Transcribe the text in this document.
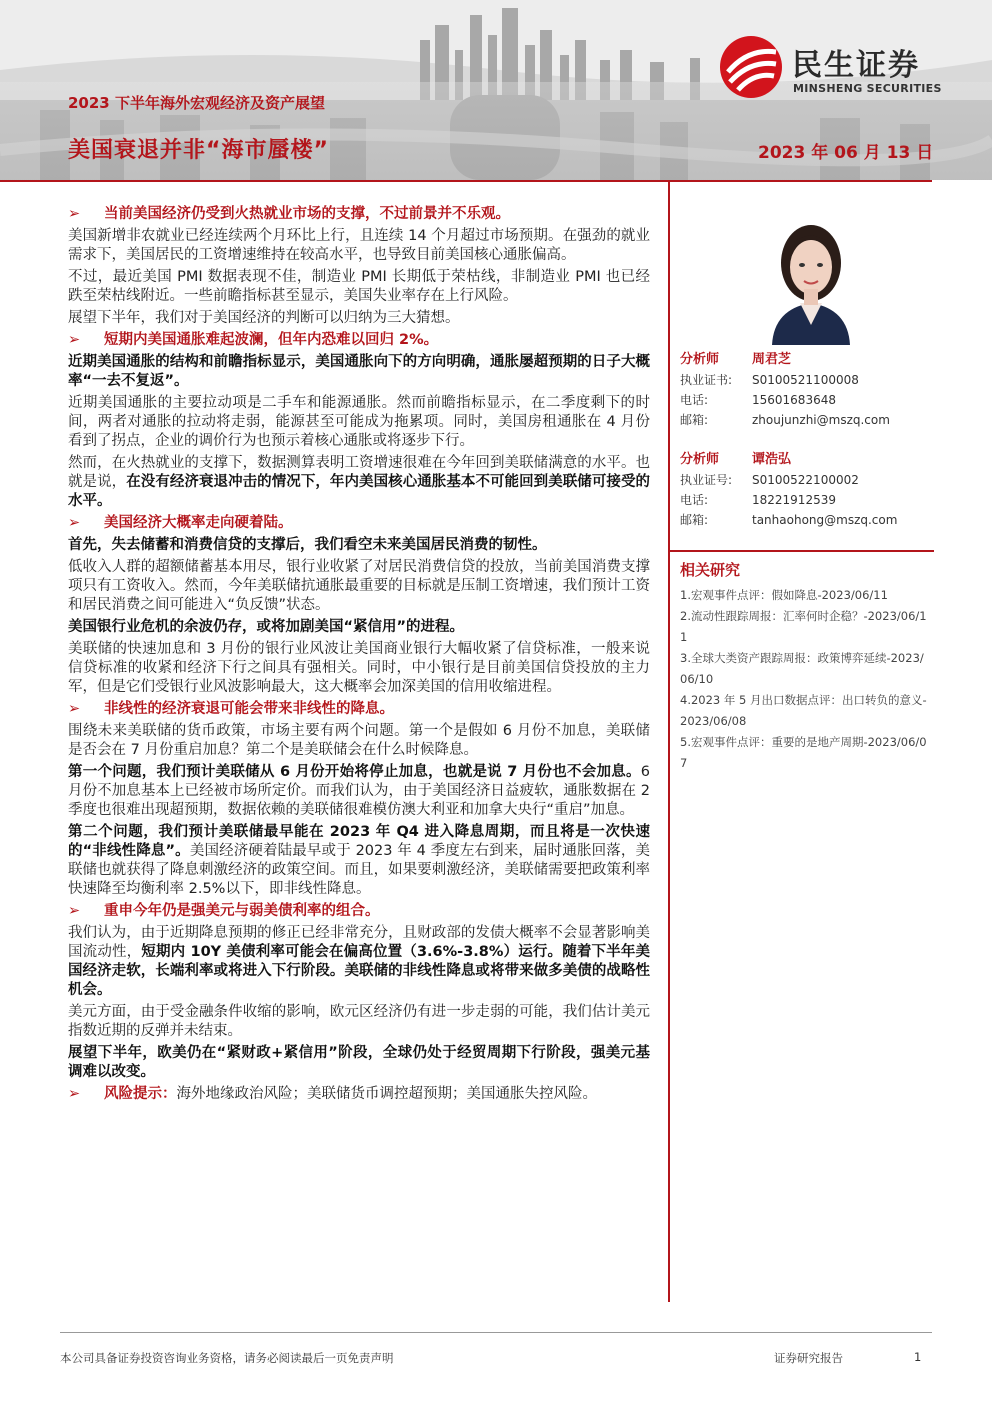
民生证券
MINSHENG SECURITIES
2023 下半年海外宏观经济及资产展望
美国衰退并非“海市蜃楼”	2023 年 06 月 13 日
➢ 当前美国经济仍受到火热就业市场的支撑，不过前景并不乐观。

美国新增非农就业已经连续两个月环比上行，且连续 14 个月超过市场预期。在强劲的就业需求下，美国居民的工资增速维持在较高水平，也导致目前美国核心通胀偏高。

不过，最近美国 PMI 数据表现不佳，制造业 PMI 长期低于荣枯线，非制造业 PMI 也已经跌至荣枯线附近。一些前瞻指标甚至显示，美国失业率存在上行风险。

展望下半年，我们对于美国经济的判断可以归纳为三大猜想。

➢ 短期内美国通胀难起波澜，但年内恐难以回归 2%。

近期美国通胀的结构和前瞻指标显示，美国通胀向下的方向明确，通胀屡超预期的日子大概率“一去不复返”。

近期美国通胀的主要拉动项是二手车和能源通胀。然而前瞻指标显示，在二季度剩下的时间，两者对通胀的拉动将走弱，能源甚至可能成为拖累项。同时，美国房租通胀在 4 月份看到了拐点，企业的调价行为也预示着核心通胀或将逐步下行。

然而，在火热就业的支撑下，数据测算表明工资增速很难在今年回到美联储满意的水平。也就是说，在没有经济衰退冲击的情况下，年内美国核心通胀基本不可能回到美联储可接受的水平。

➢ 美国经济大概率走向硬着陆。

首先，失去储蓄和消费信贷的支撑后，我们看空未来美国居民消费的韧性。

低收入人群的超额储蓄基本用尽，银行业收紧了对居民消费信贷的投放，当前美国消费支撑项只有工资收入。然而，今年美联储抗通胀最重要的目标就是压制工资增速，我们预计工资和居民消费之间可能进入“负反馈”状态。

美国银行业危机的余波仍存，或将加剧美国“紧信用”的进程。

美联储的快速加息和 3 月份的银行业风波让美国商业银行大幅收紧了信贷标准，一般来说信贷标准的收紧和经济下行之间具有强相关。同时，中小银行是目前美国信贷投放的主力军，但是它们受银行业风波影响最大，这大概率会加深美国的信用收缩进程。

➢ 非线性的经济衰退可能会带来非线性的降息。

围绕未来美联储的货币政策，市场主要有两个问题。第一个是假如 6 月份不加息，美联储是否会在 7 月份重启加息？第二个是美联储会在什么时候降息。

第一个问题，我们预计美联储从 6 月份开始将停止加息，也就是说 7 月份也不会加息。6 月份不加息基本上已经被市场所定价。而我们认为，由于美国经济日益疲软，通胀数据在 2 季度也很难出现超预期，数据依赖的美联储很难模仿澳大利亚和加拿大央行“重启”加息。

第二个问题，我们预计美联储最早能在 2023 年 Q4 进入降息周期，而且将是一次快速的“非线性降息”。美国经济硬着陆最早或于 2023 年 4 季度左右到来，届时通胀回落，美联储也就获得了降息刺激经济的政策空间。而且，如果要刺激经济，美联储需要把政策利率快速降至均衡利率 2.5%以下，即非线性降息。

➢ 重申今年仍是强美元与弱美债利率的组合。

我们认为，由于近期降息预期的修正已经非常充分，且财政部的发债大概率不会显著影响美国流动性，短期内 10Y 美债利率可能会在偏高位置（3.6%-3.8%）运行。随着下半年美国经济走软，长端利率或将进入下行阶段。美联储的非线性降息或将带来做多美债的战略性机会。

美元方面，由于受金融条件收缩的影响，欧元区经济仍有进一步走弱的可能，我们估计美元指数近期的反弹并未结束。

展望下半年，欧美仍在“紧财政+紧信用”阶段，全球仍处于经贸周期下行阶段，强美元基调难以改变。

➢ 风险提示：海外地缘政治风险；美联储货币调控超预期；美国通胀失控风险。
分析师	周君芝
执业证书: S0100521100008
电话:	15601683648
邮箱:	zhoujunzhi@mszq.com
分析师	谭浩弘
执业证号: S0100522100002
电话:	18221912539
邮箱:	tanhaohong@mszq.com
相关研究
1.宏观事件点评：假如降息-2023/06/11
2.流动性跟踪周报：汇率何时企稳？-2023/06/11
3.全球大类资产跟踪周报：政策博弈延续-2023/06/10
4.2023 年 5 月出口数据点评：出口转负的意义-2023/06/08
5.宏观事件点评：重要的是地产周期-2023/06/07
本公司具备证券投资咨询业务资格，请务必阅读最后一页免责声明	证券研究报告	1
